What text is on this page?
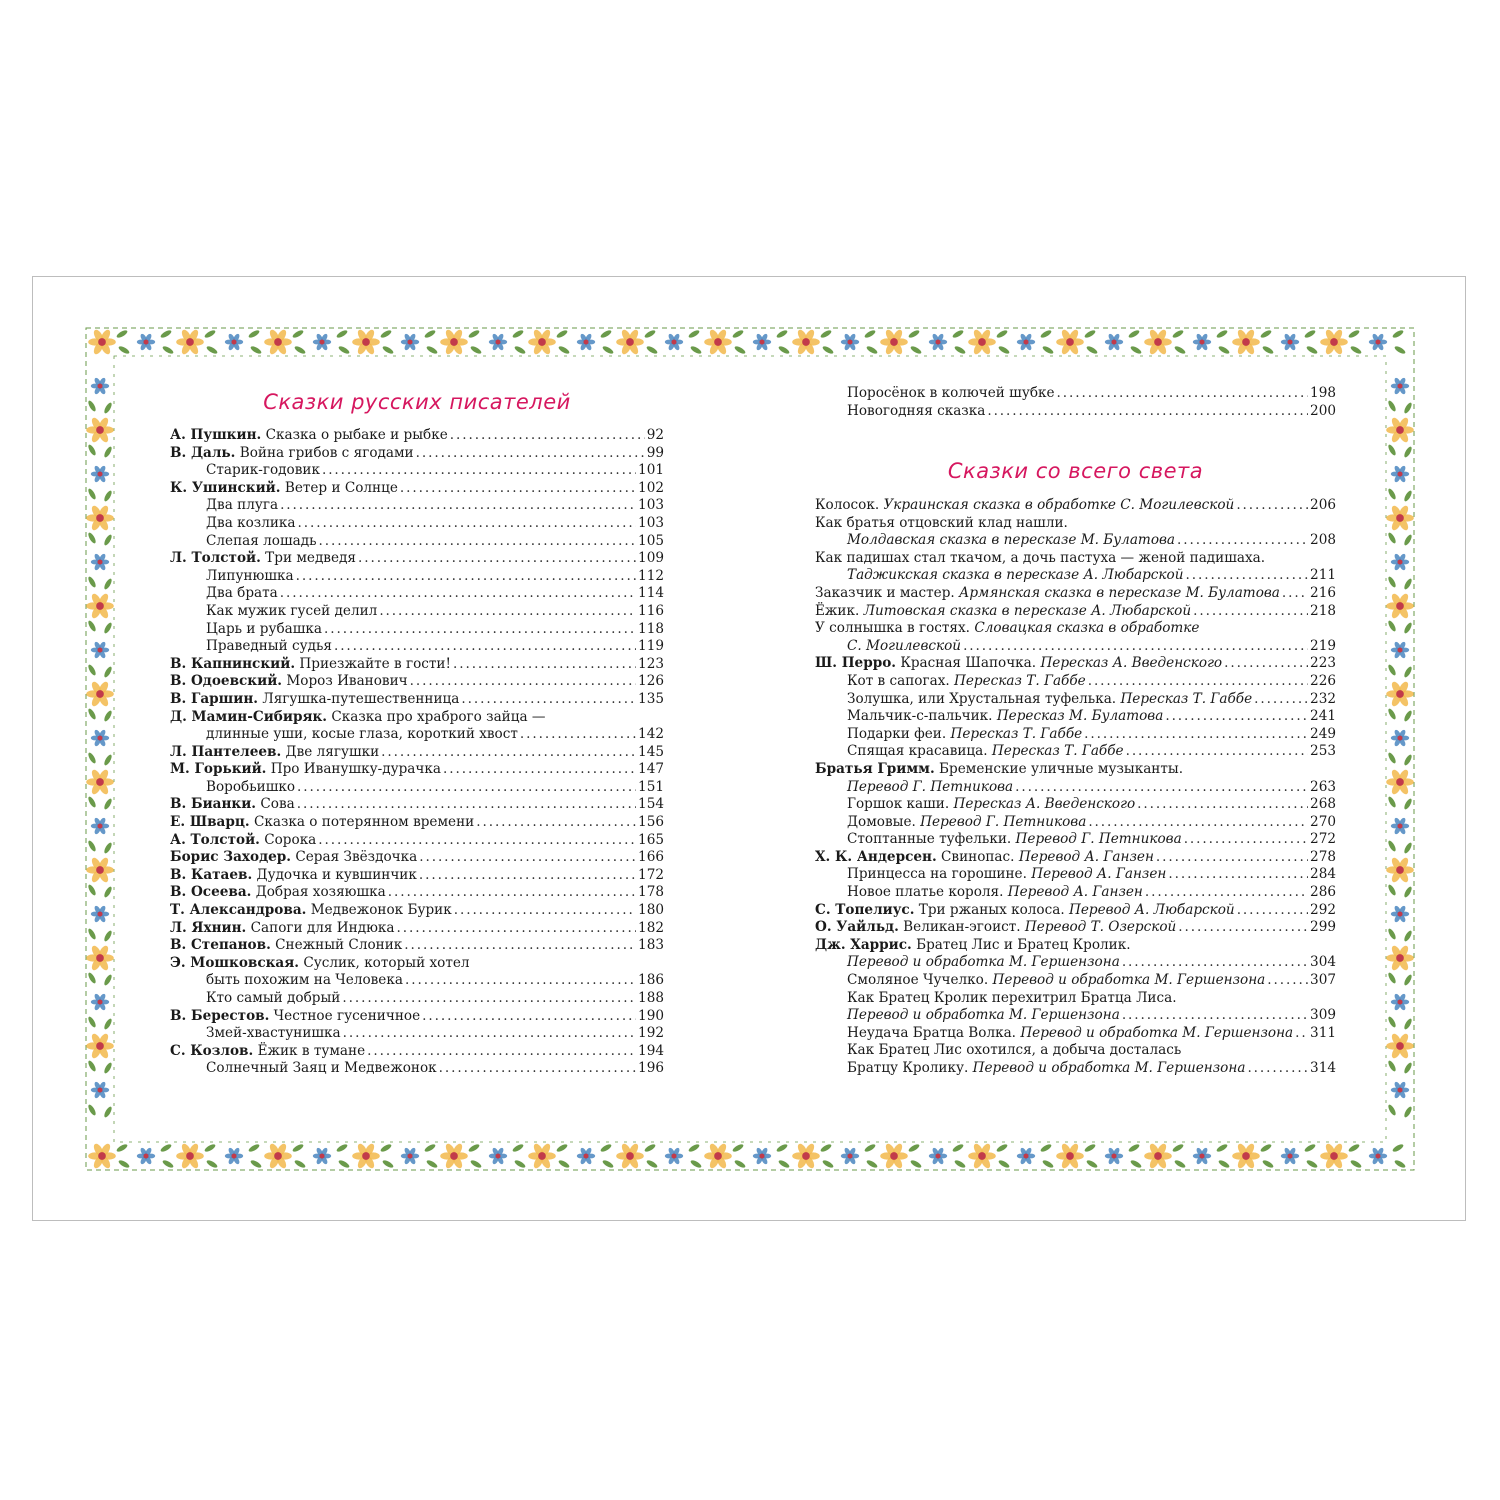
Сказки русских писателей
А. Пушкин. Сказка о рыбаке и рыбке . . .	92
В. Даль. Война грибов с ягодами . . .	99
Старик-годовик . . .	101
К. Ушинский. Ветер и Солнце . . .	102
Два плуга . . .	103
Два козлика . . .	103
Слепая лошадь . . .	105
Л. Толстой. Три медведя . . .	109
Липунюшка . . .	112
Два брата . . .	114
Как мужик гусей делил . . .	116
Царь и рубашка . . .	118
Праведный судья . . .	119
В. Капнинский. Приезжайте в гости! . . .	123
В. Одоевский. Мороз Иванович . . .	126
В. Гаршин. Лягушка-путешественница . . .	135
Д. Мамин-Сибиряк. Сказка про храброго зайца —
длинные уши, косые глаза, короткий хвост . . .	142
Л. Пантелеев. Две лягушки . . .	145
М. Горький. Про Иванушку-дурачка . . .	147
Воробьишко . . .	151
В. Бианки. Сова . . .	154
Е. Шварц. Сказка о потерянном времени . . .	156
А. Толстой. Сорока . . .	165
Борис Заходер. Серая Звёздочка . . .	166
В. Катаев. Дудочка и кувшинчик . . .	172
В. Осеева. Добрая хозяюшка . . .	178
Т. Александрова. Медвежонок Бурик . . .	180
Л. Яхнин. Сапоги для Индюка . . .	182
В. Степанов. Снежный Слоник . . .	183
Э. Мошковская. Суслик, который хотел
быть похожим на Человека . . .	186
Кто самый добрый . . .	188
В. Берестов. Честное гусеничное . . .	190
Змей-хвастунишка . . .	192
С. Козлов. Ёжик в тумане . . .	194
Солнечный Заяц и Медвежонок . . .	196
Поросёнок в колючей шубке . . .	198
Новогодняя сказка . . .	200
Сказки со всего света
Колосок. Украинская сказка в обработке С. Могилевской . . .	206
Как братья отцовский клад нашли.
Молдавская сказка в пересказе М. Булатова . . .	208
Как падишах стал ткачом, а дочь пастуха — женой падишаха.
Таджикская сказка в пересказе А. Любарской . . .	211
Заказчик и мастер. Армянская сказка в пересказе М. Булатова . . . 216
Ёжик. Литовская сказка в пересказе А. Любарской . . .	218
У солнышка в гостях. Словацкая сказка в обработке
С. Могилевской . . .	219
Ш. Перро. Красная Шапочка. Пересказ А. Введенского . . .	223
Кот в сапогах. Пересказ Т. Габбе . . .	226
Золушка, или Хрустальная туфелька. Пересказ Т. Габбе . . .	232
Мальчик-с-пальчик. Пересказ М. Булатова . . .	241
Подарки феи. Пересказ Т. Габбе . . .	249
Спящая красавица. Пересказ Т. Габбе . . .	253
Братья Гримм. Бременские уличные музыканты.
Перевод Г. Петникова . . .	263
Горшок каши. Пересказ А. Введенского . . .	268
Домовые. Перевод Г. Петникова . . .	270
Стоптанные туфельки. Перевод Г. Петникова . . .	272
Х. К. Андерсен. Свинопас. Перевод А. Ганзен . . .	278
Принцесса на горошине. Перевод А. Ганзен . . .	284
Новое платье короля. Перевод А. Ганзен . . .	286
С. Топелиус. Три ржаных колоса. Перевод А. Любарской . . .	292
О. Уайльд. Великан-эгоист. Перевод Т. Озерской . . .	299
Дж. Харрис. Братец Лис и Братец Кролик.
Перевод и обработка М. Гершензона . . .	304
Смоляное Чучелко. Перевод и обработка М. Гершензона . . .	307
Как Братец Кролик перехитрил Братца Лиса.
Перевод и обработка М. Гершензона . . .	309
Неудача Братца Волка. Перевод и обработка М. Гершензона . . . 311
Как Братец Лис охотился, а добыча досталась
Братцу Кролику. Перевод и обработка М. Гершензона . . .	314
